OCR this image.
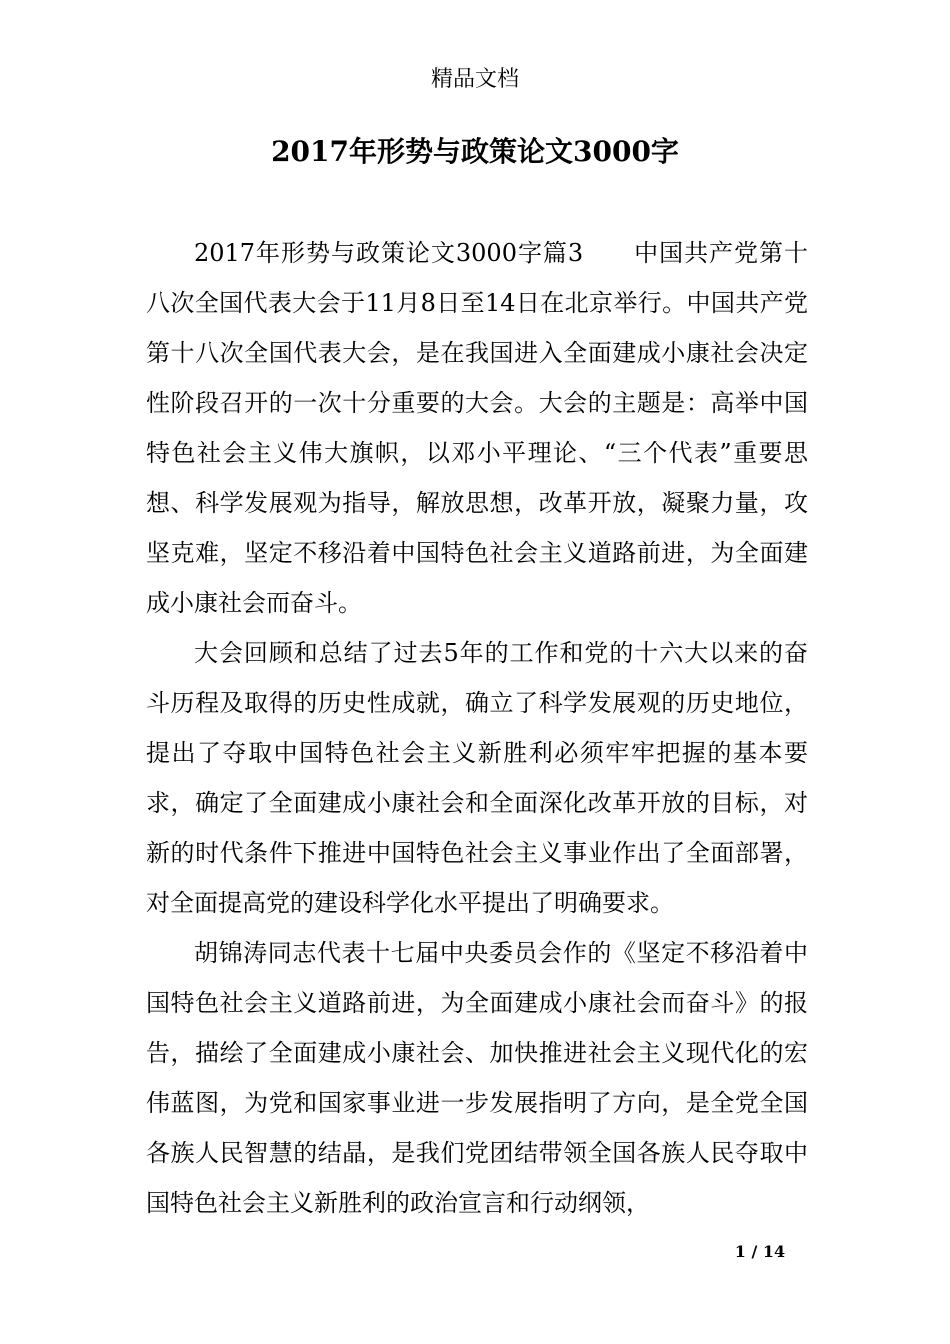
精品文档
2017年形势与政策论文3000字

2017年形势与政策论文3000字篇3　　中国共产党第十八次全国代表大会于11月8日至14日在北京举行。中国共产党第十八次全国代表大会，是在我国进入全面建成小康社会决定性阶段召开的一次十分重要的大会。大会的主题是：高举中国特色社会主义伟大旗帜，以邓小平理论、“三个代表”重要思想、科学发展观为指导，解放思想，改革开放，凝聚力量，攻坚克难，坚定不移沿着中国特色社会主义道路前进，为全面建成小康社会而奋斗。

大会回顾和总结了过去5年的工作和党的十六大以来的奋斗历程及取得的历史性成就，确立了科学发展观的历史地位，提出了夺取中国特色社会主义新胜利必须牢牢把握的基本要求，确定了全面建成小康社会和全面深化改革开放的目标，对新的时代条件下推进中国特色社会主义事业作出了全面部署，对全面提高党的建设科学化水平提出了明确要求。

胡锦涛同志代表十七届中央委员会作的《坚定不移沿着中国特色社会主义道路前进，为全面建成小康社会而奋斗》的报告，描绘了全面建成小康社会、加快推进社会主义现代化的宏伟蓝图，为党和国家事业进一步发展指明了方向，是全党全国各族人民智慧的结晶，是我们党团结带领全国各族人民夺取中国特色社会主义新胜利的政治宣言和行动纲领，

1 / 14
